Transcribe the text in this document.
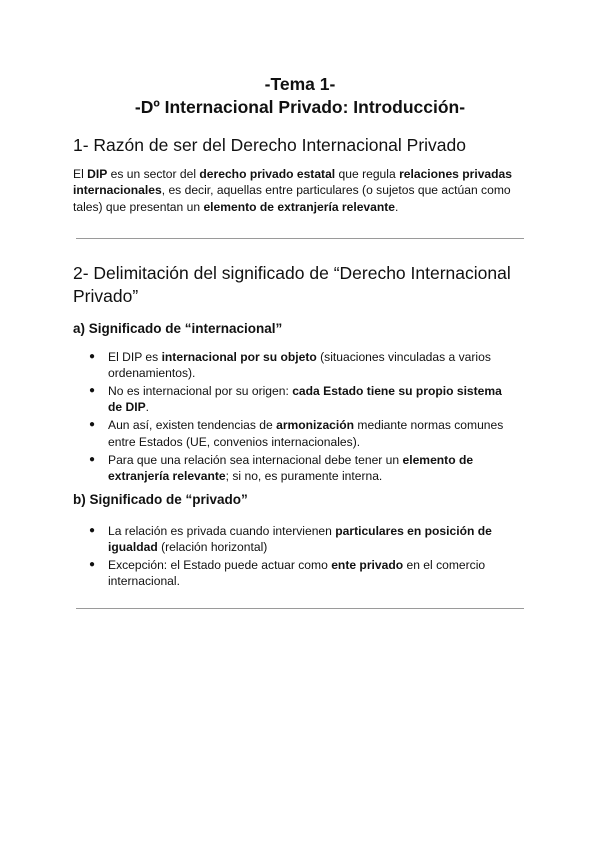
-Tema 1-
-Dº Internacional Privado: Introducción-
1- Razón de ser del Derecho Internacional Privado
El DIP es un sector del derecho privado estatal que regula relaciones privadas internacionales, es decir, aquellas entre particulares (o sujetos que actúan como tales) que presentan un elemento de extranjería relevante.
2- Delimitación del significado de “Derecho Internacional Privado”
a) Significado de “internacional”
● El DIP es internacional por su objeto (situaciones vinculadas a varios ordenamientos).
● No es internacional por su origen: cada Estado tiene su propio sistema de DIP.
● Aun así, existen tendencias de armonización mediante normas comunes entre Estados (UE, convenios internacionales).
● Para que una relación sea internacional debe tener un elemento de extranjería relevante; si no, es puramente interna.
b) Significado de “privado”
● La relación es privada cuando intervienen particulares en posición de igualdad (relación horizontal)
● Excepción: el Estado puede actuar como ente privado en el comercio internacional.
